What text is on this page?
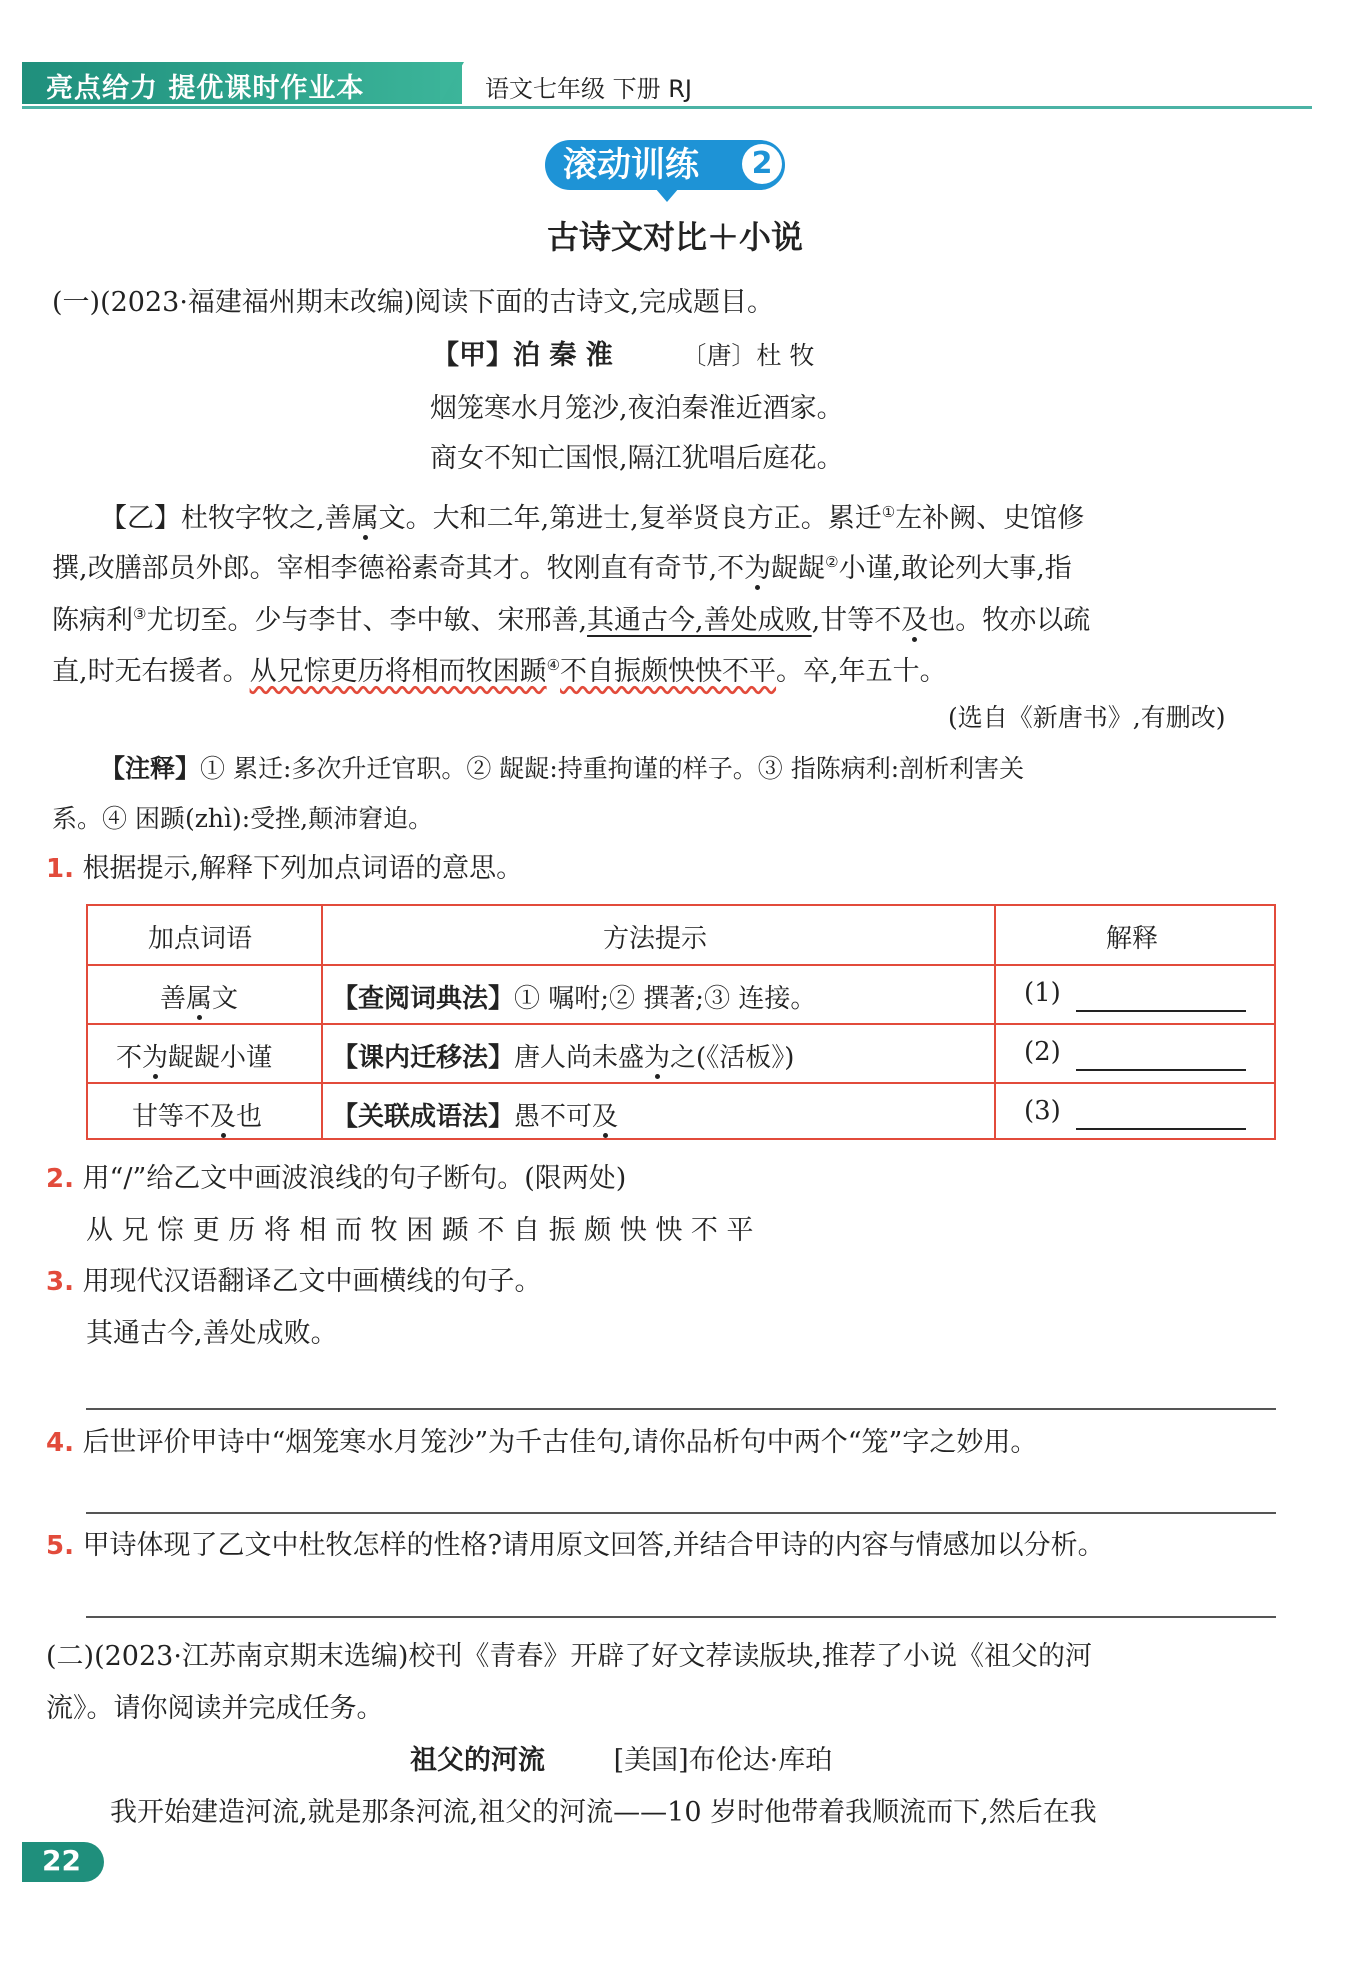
亮点给力 提优课时作业本	语文七年级 下册 RJ
滚动训练	2
古诗文对比＋小说
(一)(2023·福建福州期末改编)阅读下面的古诗文,完成题目。
【甲】泊 秦 淮	〔唐〕杜 牧
烟笼寒水月笼沙,夜泊秦淮近酒家。
商女不知亡国恨,隔江犹唱后庭花。
【乙】杜牧字牧之,善属文。大和二年,第进士,复举贤良方正。累迁①左补阙、史馆修
撰,改膳部员外郎。宰相李德裕素奇其才。牧刚直有奇节,不为龊龊②小谨,敢论列大事,指
陈病利③尤切至。少与李甘、李中敏、宋邢善,其通古今,善处成败,甘等不及也。牧亦以疏
直,时无右援者。从兄悰更历将相而牧困踬④不自振颇怏怏不平。卒,年五十。
(选自《新唐书》,有删改)
【注释】① 累迁:多次升迁官职。② 龊龊:持重拘谨的样子。③ 指陈病利:剖析利害关
系。④ 困踬(zhì):受挫,颠沛窘迫。
1. 根据提示,解释下列加点词语的意思。
加点词语	方法提示	解释
善属文	【查阅词典法】① 嘱咐;② 撰著;③ 连接。	(1)
不为龊龊小谨 【课内迁移法】唐人尚未盛为之(《活板》)	(2)
甘等不及也	【关联成语法】愚不可及	(3)
2. 用“/”给乙文中画波浪线的句子断句。(限两处)
从 兄 悰 更 历 将 相 而 牧 困 踬 不 自 振 颇 怏 怏 不 平
3. 用现代汉语翻译乙文中画横线的句子。
其通古今,善处成败。
4. 后世评价甲诗中“烟笼寒水月笼沙”为千古佳句,请你品析句中两个“笼”字之妙用。
5. 甲诗体现了乙文中杜牧怎样的性格?请用原文回答,并结合甲诗的内容与情感加以分析。
(二)(2023·江苏南京期末选编)校刊《青春》开辟了好文荐读版块,推荐了小说《祖父的河
流》。请你阅读并完成任务。
祖父的河流	[美国]布伦达·库珀
我开始建造河流,就是那条河流,祖父的河流——10 岁时他带着我顺流而下,然后在我
22
